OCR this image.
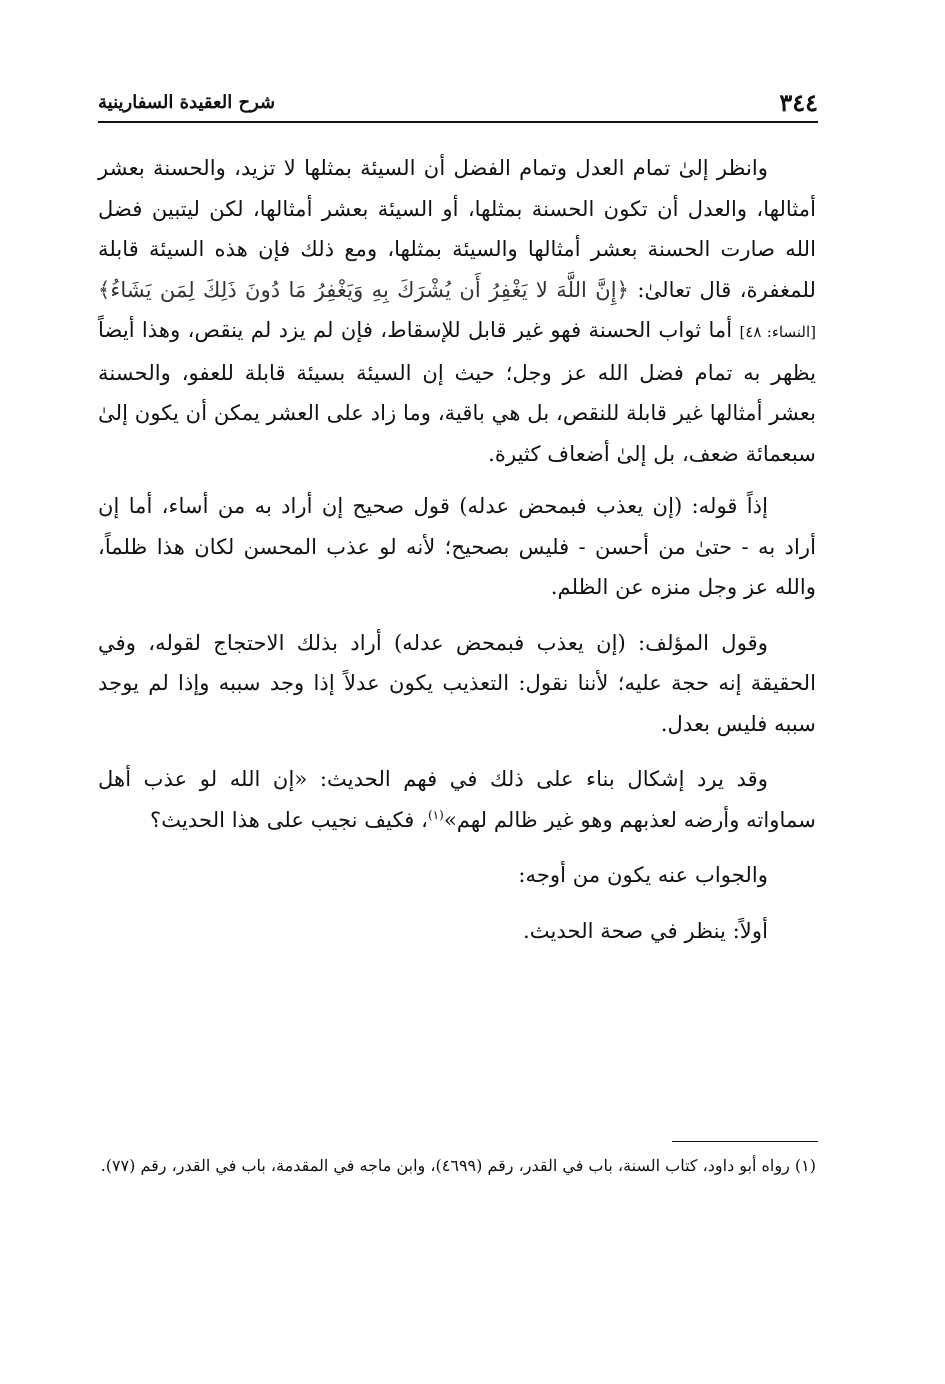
٣٤٤
شرح العقيدة السفارينية

وانظر إلىٰ تمام العدل وتمام الفضل أن السيئة بمثلها لا تزيد، والحسنة بعشر أمثالها، والعدل أن تكون الحسنة بمثلها، أو السيئة بعشر أمثالها، لكن ليتبين فضل الله صارت الحسنة بعشر أمثالها والسيئة بمثلها، ومع ذلك فإن هذه السيئة قابلة للمغفرة، قال تعالىٰ: ﴿إِنَّ اللَّهَ لا يَغْفِرُ أَن يُشْرَكَ بِهِ وَيَغْفِرُ مَا دُونَ ذَلِكَ لِمَن يَشَاءُ﴾ [النساء: ٤٨] أما ثواب الحسنة فهو غير قابل للإسقاط، فإن لم يزد لم ينقص، وهذا أيضاً يظهر به تمام فضل الله عز وجل؛ حيث إن السيئة بسيئة قابلة للعفو، والحسنة بعشر أمثالها غير قابلة للنقص، بل هي باقية، وما زاد على العشر يمكن أن يكون إلىٰ سبعمائة ضعف، بل إلىٰ أضعاف كثيرة.

إذاً قوله: (إن يعذب فبمحض عدله) قول صحيح إن أراد به من أساء، أما إن أراد به - حتىٰ من أحسن - فليس بصحيح؛ لأنه لو عذب المحسن لكان هذا ظلماً، والله عز وجل منزه عن الظلم.

وقول المؤلف: (إن يعذب فبمحض عدله) أراد بذلك الاحتجاج لقوله، وفي الحقيقة إنه حجة عليه؛ لأننا نقول: التعذيب يكون عدلاً إذا وجد سببه وإذا لم يوجد سببه فليس بعدل.

وقد يرد إشكال بناء على ذلك في فهم الحديث: «إن الله لو عذب أهل سماواته وأرضه لعذبهم وهو غير ظالم لهم»$^{(١)}$، فكيف نجيب على هذا الحديث؟

والجواب عنه يكون من أوجه:

أولاً: ينظر في صحة الحديث.

(١) رواه أبو داود، كتاب السنة، باب في القدر، رقم (٤٦٩٩)، وابن ماجه في المقدمة، باب في القدر، رقم (٧٧).
